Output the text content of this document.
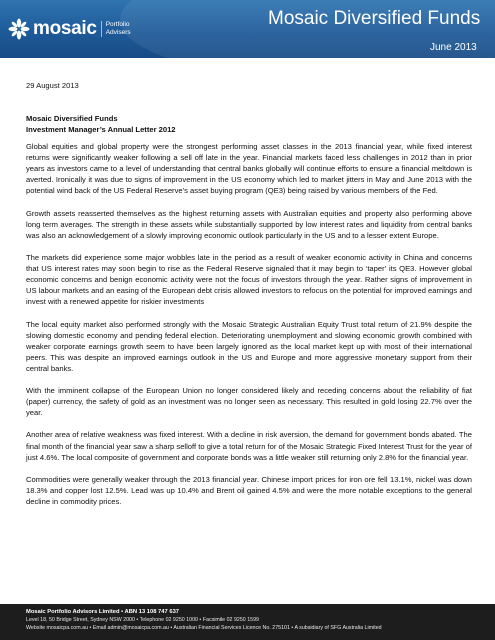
mosaic	Portfolio
Advisers
Mosaic Diversified Funds
June 2013
29 August 2013
Mosaic Diversified Funds
Investment Manager’s Annual Letter 2012

Global equities and global property were the strongest performing asset classes in the 2013 financial year, while fixed interest returns were significantly weaker following a sell off late in the year. Financial markets faced less challenges in 2012 than in prior years as investors came to a level of understanding that central banks globally will continue efforts to ensure a financial meltdown is averted. Ironically it was due to signs of improvement in the US economy which led to market jitters in May and June 2013 with the potential wind back of the US Federal Reserve’s asset buying program (QE3) being raised by various members of the Fed.

Growth assets reasserted themselves as the highest returning assets with Australian equities and property also performing above long term averages. The strength in these assets while substantially supported by low interest rates and liquidity from central banks was also an acknowledgement of a slowly improving economic outlook particularly in the US and to a lesser extent Europe.

The markets did experience some major wobbles late in the period as a result of weaker economic activity in China and concerns that US interest rates may soon begin to rise as the Federal Reserve signaled that it may begin to ‘taper’ its QE3. However global economic concerns and benign economic activity were not the focus of investors through the year. Rather signs of improvement in US labour markets and an easing of the European debt crisis allowed investors to refocus on the potential for improved earnings and invest with a renewed appetite for riskier investments

The local equity market also performed strongly with the Mosaic Strategic Australian Equity Trust total return of 21.9% despite the slowing domestic economy and pending federal election. Deteriorating unemployment and slowing economic growth combined with weaker corporate earnings growth seem to have been largely ignored as the local market kept up with most of their international peers. This was despite an improved earnings outlook in the US and Europe and more aggressive monetary support from their central banks.

With the imminent collapse of the European Union no longer considered likely and receding concerns about the reliability of fiat (paper) currency, the safety of gold as an investment was no longer seen as necessary. This resulted in gold losing 22.7% over the year.

Another area of relative weakness was fixed interest. With a decline in risk aversion, the demand for government bonds abated. The final month of the financial year saw a sharp selloff to give a total return for of the Mosaic Strategic Fixed Interest Trust for the year of just 4.6%. The local composite of government and corporate bonds was a little weaker still returning only 2.8% for the financial year.

Commodities were generally weaker through the 2013 financial year. Chinese import prices for iron ore fell 13.1%, nickel was down 18.3% and copper lost 12.5%. Lead was up 10.4% and Brent oil gained 4.5% and were the more notable exceptions to the general decline in commodity prices.

Mosaic Portfolio Advisors Limited • ABN 13 108 747 637
Level 18, 50 Bridge Street, Sydney NSW 2000 • Telephone 02 9250 1000 • Facsimile 02 9250 1599
Website mosaicpa.com.au • Email admin@mosaicpa.com.au • Australian Financial Services Licence No. 275101 • A subsidiary of SFG Australia Limited
